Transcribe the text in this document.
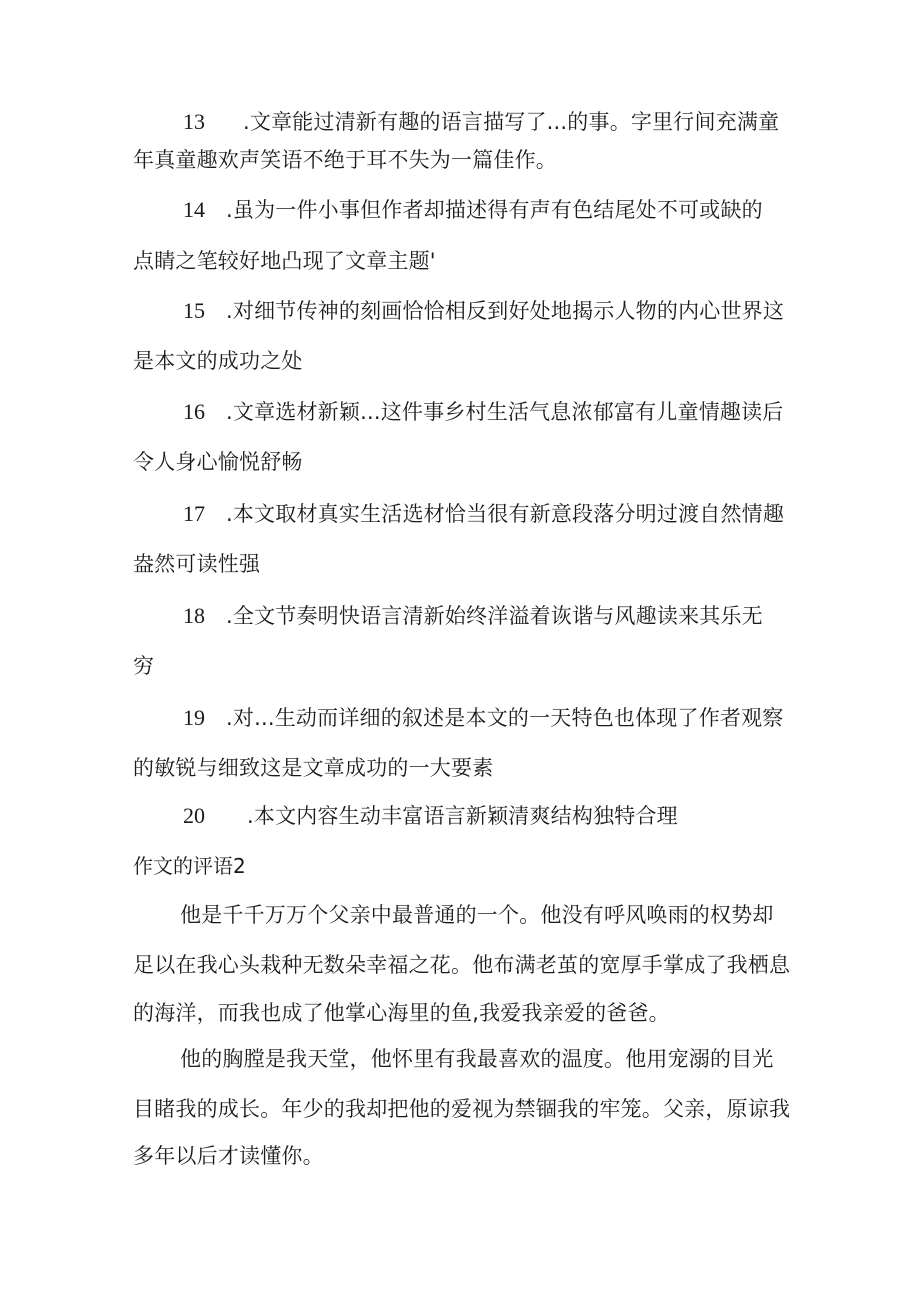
13 .文章能过清新有趣的语言描写了...的事。字里行间充满童
年真童趣欢声笑语不绝于耳不失为一篇佳作。
14 .虽为一件小事但作者却描述得有声有色结尾处不可或缺的
点睛之笔较好地凸现了文章主题'
15 .对细节传神的刻画恰恰相反到好处地揭示人物的内心世界这
是本文的成功之处
16 .文章选材新颖...这件事乡村生活气息浓郁富有儿童情趣读后
令人身心愉悦舒畅
17 .本文取材真实生活选材恰当很有新意段落分明过渡自然情趣
盎然可读性强
18 .全文节奏明快语言清新始终洋溢着诙谐与风趣读来其乐无
穷
19 .对...生动而详细的叙述是本文的一天特色也体现了作者观察
的敏锐与细致这是文章成功的一大要素
20 .本文内容生动丰富语言新颖清爽结构独特合理
作文的评语2
他是千千万万个父亲中最普通的一个。他没有呼风唤雨的权势却
足以在我心头栽种无数朵幸福之花。他布满老茧的宽厚手掌成了我栖息
的海洋，而我也成了他掌心海里的鱼,我爱我亲爱的爸爸。
他的胸膛是我天堂，他怀里有我最喜欢的温度。他用宠溺的目光
目睹我的成长。年少的我却把他的爱视为禁锢我的牢笼。父亲，原谅我
多年以后才读懂你。
